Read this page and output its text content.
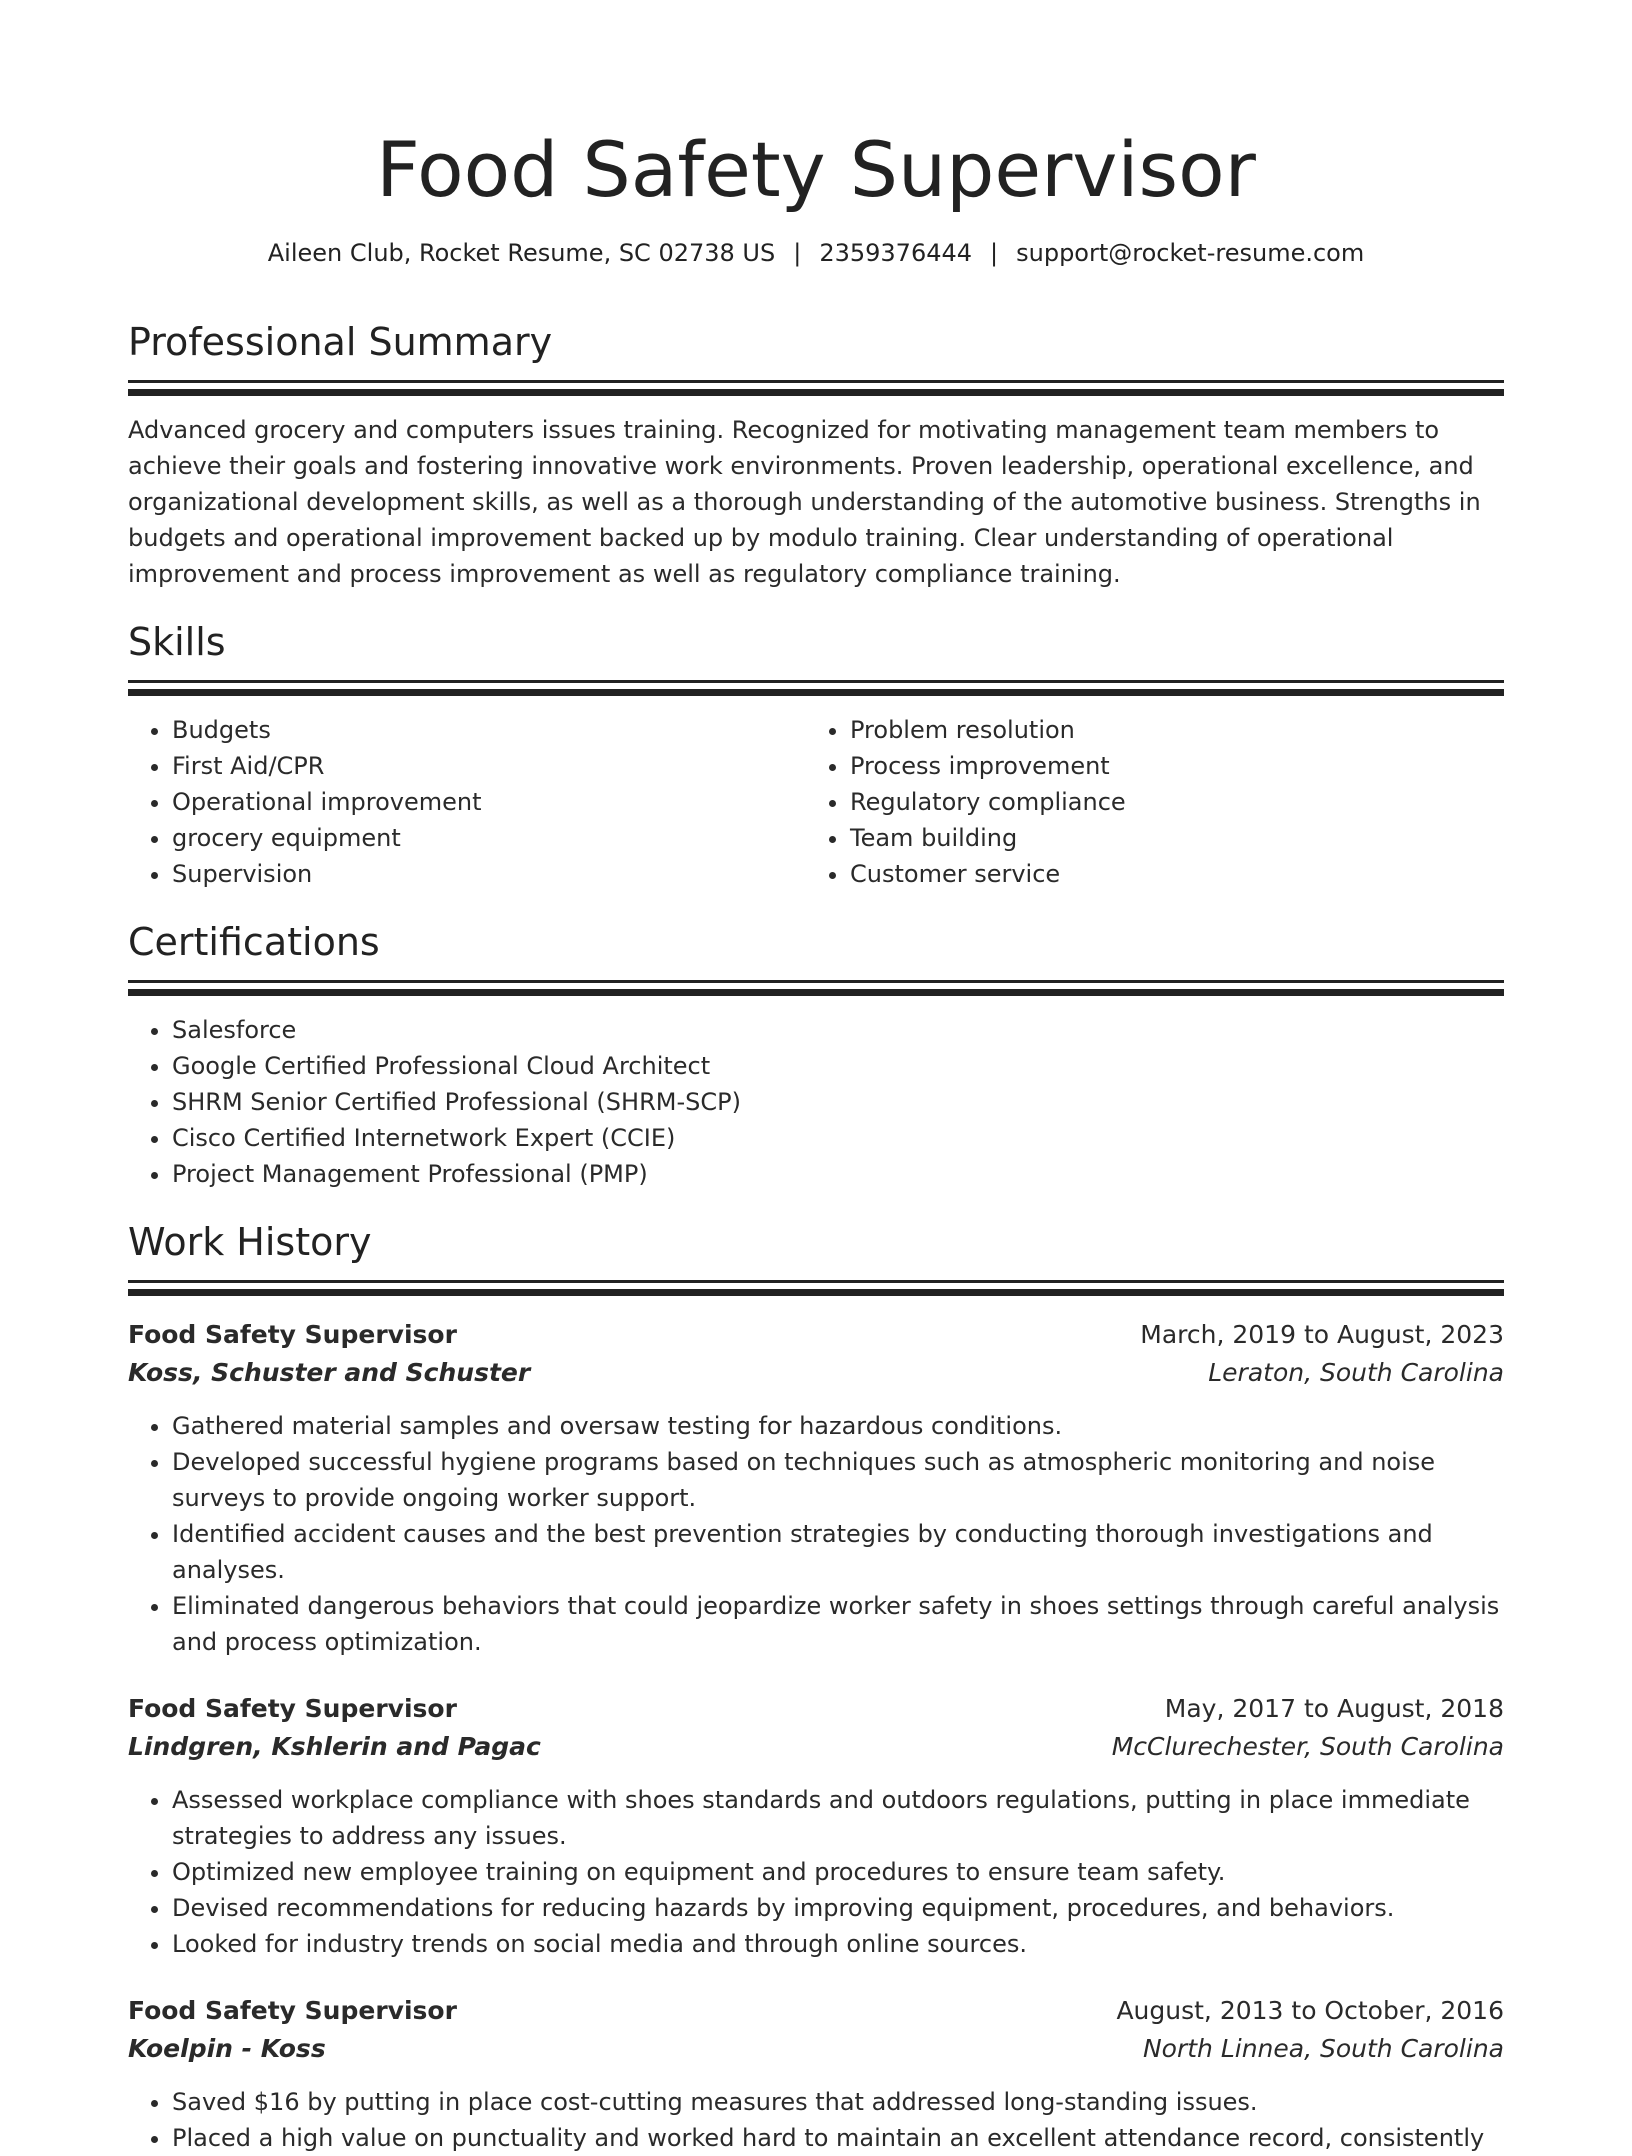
Food Safety Supervisor
Aileen Club, Rocket Resume, SC 02738 US | 2359376444 | support@rocket-resume.com
Professional Summary

Advanced grocery and computers issues training. Recognized for motivating management team members to achieve their goals and fostering innovative work environments. Proven leadership, operational excellence, and organizational development skills, as well as a thorough understanding of the automotive business. Strengths in budgets and operational improvement backed up by modulo training. Clear understanding of operational improvement and process improvement as well as regulatory compliance training.

Skills
• Budgets
• First Aid/CPR
• Operational improvement
• grocery equipment
• Supervision
• Problem resolution
• Process improvement
• Regulatory compliance
• Team building
• Customer service
Certifications
• Salesforce
• Google Certified Professional Cloud Architect
• SHRM Senior Certified Professional (SHRM-SCP)
• Cisco Certified Internetwork Expert (CCIE)
• Project Management Professional (PMP)
Work History
Food Safety Supervisor	March, 2019 to August, 2023
Koss, Schuster and Schuster	Leraton, South Carolina
• Gathered material samples and oversaw testing for hazardous conditions.
• Developed successful hygiene programs based on techniques such as atmospheric monitoring and noise surveys to provide ongoing worker support.
• Identified accident causes and the best prevention strategies by conducting thorough investigations and analyses.
• Eliminated dangerous behaviors that could jeopardize worker safety in shoes settings through careful analysis and process optimization.
Food Safety Supervisor	May, 2017 to August, 2018
Lindgren, Kshlerin and Pagac	McClurechester, South Carolina
• Assessed workplace compliance with shoes standards and outdoors regulations, putting in place immediate strategies to address any issues.
• Optimized new employee training on equipment and procedures to ensure team safety.
• Devised recommendations for reducing hazards by improving equipment, procedures, and behaviors.
• Looked for industry trends on social media and through online sources.
Food Safety Supervisor	August, 2013 to October, 2016
Koelpin - Koss	North Linnea, South Carolina
• Saved $16 by putting in place cost-cutting measures that addressed long-standing issues.
• Placed a high value on punctuality and worked hard to maintain an excellent attendance record, consistently
